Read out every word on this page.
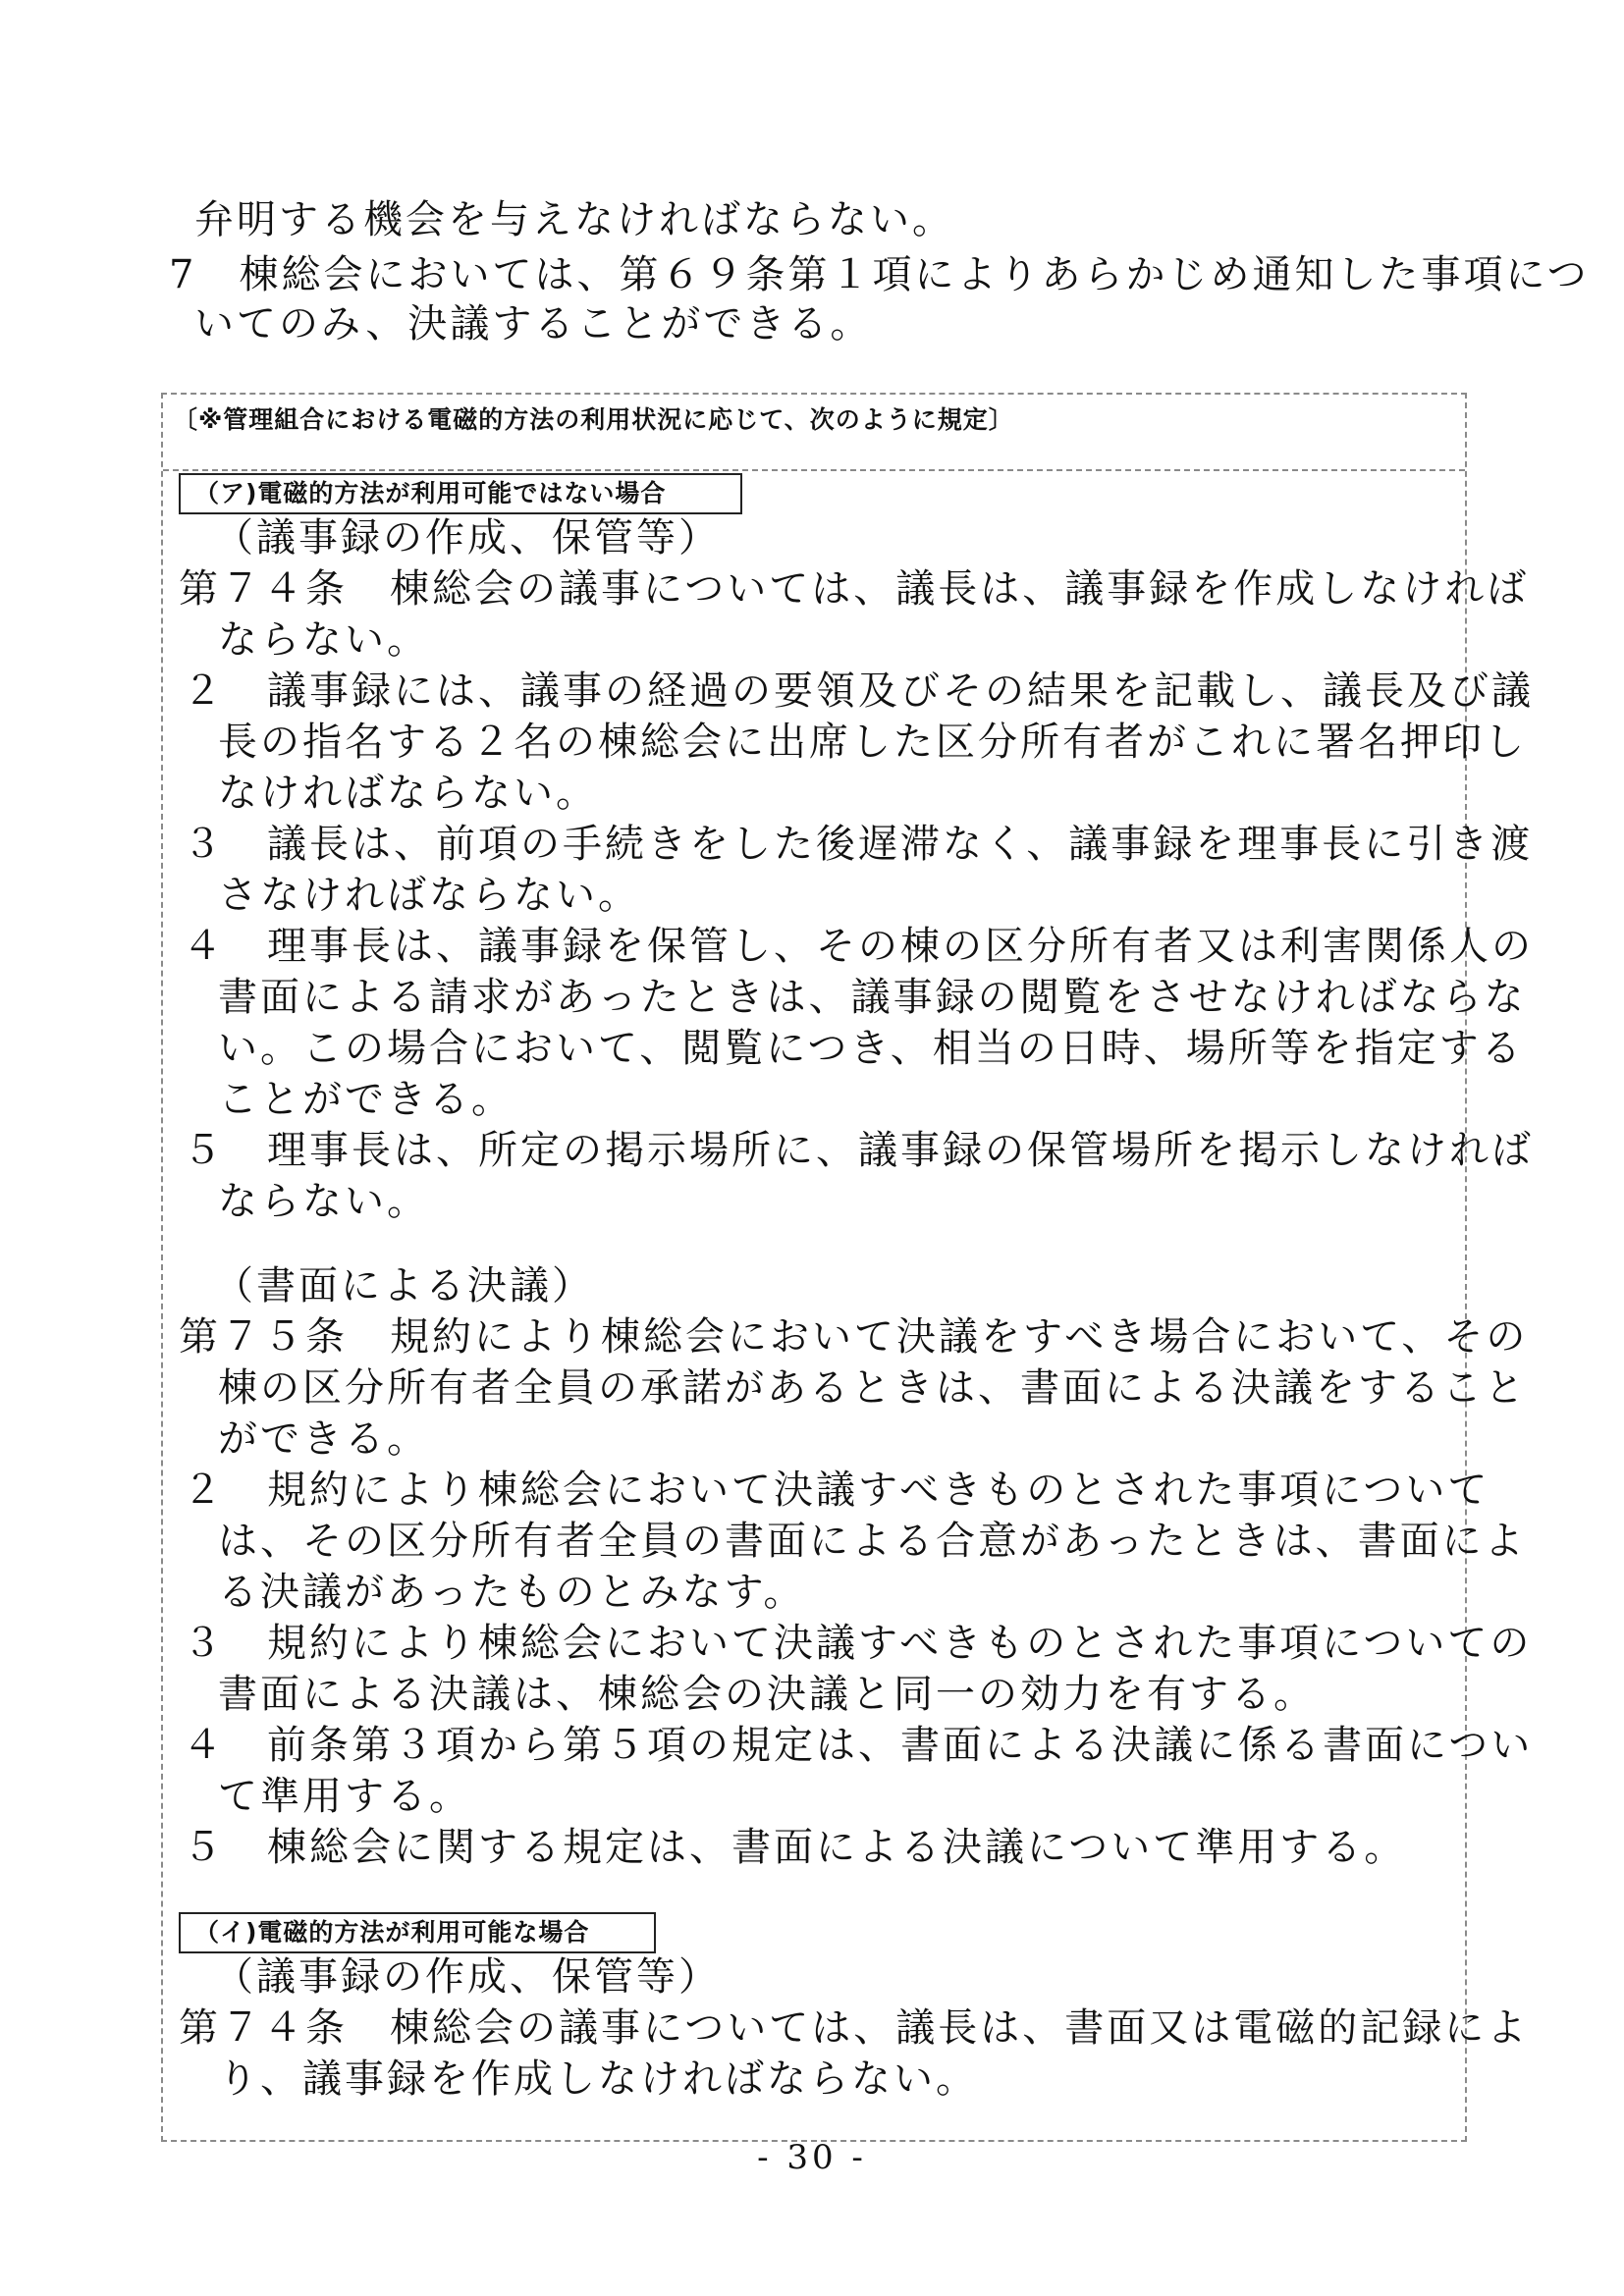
弁明する機会を与えなければならない。
7　棟総会においては、第６９条第１項によりあらかじめ通知した事項につ
いてのみ、決議することができる。
〔※管理組合における電磁的方法の利用状況に応じて、次のように規定〕
（ア)電磁的方法が利用可能ではない場合
（議事録の作成、保管等）
第７４条　棟総会の議事については、議長は、議事録を作成しなければ
ならない。
２　議事録には、議事の経過の要領及びその結果を記載し、議長及び議
長の指名する２名の棟総会に出席した区分所有者がこれに署名押印し
なければならない。
３　議長は、前項の手続きをした後遅滞なく、議事録を理事長に引き渡
さなければならない。
４　理事長は、議事録を保管し、その棟の区分所有者又は利害関係人の
書面による請求があったときは、議事録の閲覧をさせなければならな
い。この場合において、閲覧につき、相当の日時、場所等を指定する
ことができる。
５　理事長は、所定の掲示場所に、議事録の保管場所を掲示しなければ
ならない。
（書面による決議）
第７５条　規約により棟総会において決議をすべき場合において、その
棟の区分所有者全員の承諾があるときは、書面による決議をすること
ができる。
２　規約により棟総会において決議すべきものとされた事項について
は、その区分所有者全員の書面による合意があったときは、書面によ
る決議があったものとみなす。
３　規約により棟総会において決議すべきものとされた事項についての
書面による決議は、棟総会の決議と同一の効力を有する。
４　前条第３項から第５項の規定は、書面による決議に係る書面につい
て準用する。
５　棟総会に関する規定は、書面による決議について準用する。
（イ)電磁的方法が利用可能な場合
（議事録の作成、保管等）
第７４条　棟総会の議事については、議長は、書面又は電磁的記録によ
り、議事録を作成しなければならない。
- 30 -
